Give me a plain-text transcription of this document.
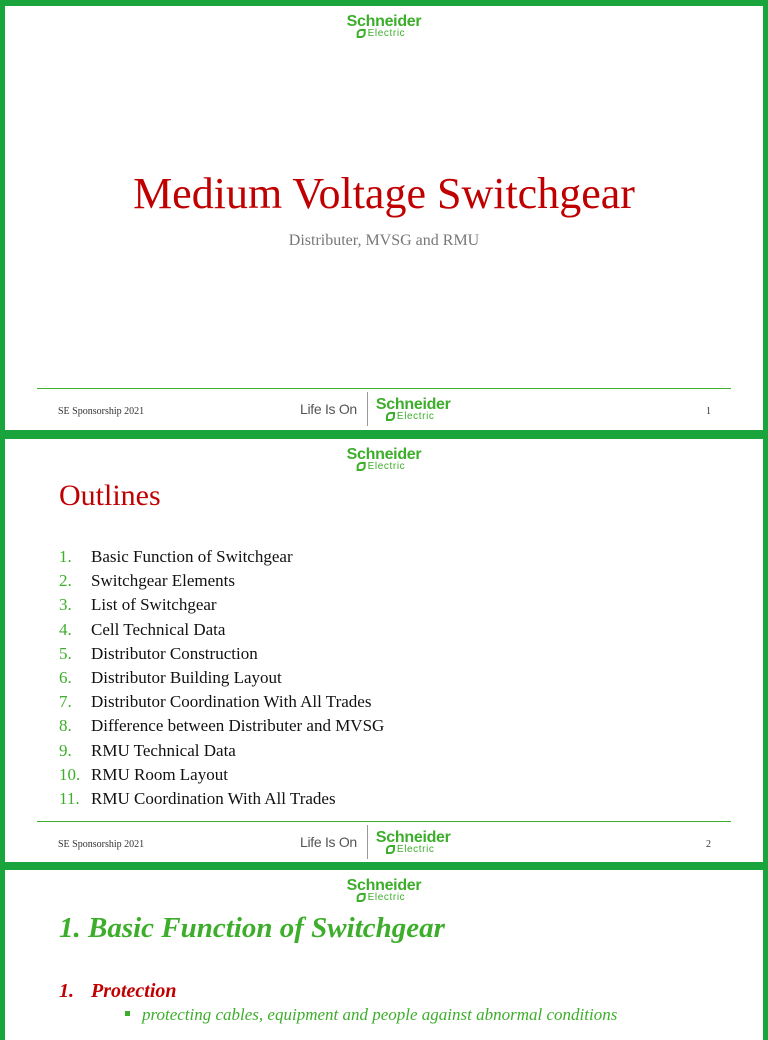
Schneider
Electric
Medium Voltage Switchgear
Distributer, MVSG and RMU
SE Sponsorship 2021	Life Is On	Schneider
Electric	1
Schneider
Electric
Outlines
1. Basic Function of Switchgear
2. Switchgear Elements
3. List of Switchgear
4. Cell Technical Data
5. Distributor Construction
6. Distributor Building Layout
7. Distributor Coordination With All Trades
8. Difference between Distributer and MVSG
9. RMU Technical Data
10. RMU Room Layout
11. RMU Coordination With All Trades
SE Sponsorship 2021	Life Is On	Schneider
Electric	2
Schneider
Electric
1. Basic Function of Switchgear
1. Protection
protecting cables, equipment and people against abnormal conditions
